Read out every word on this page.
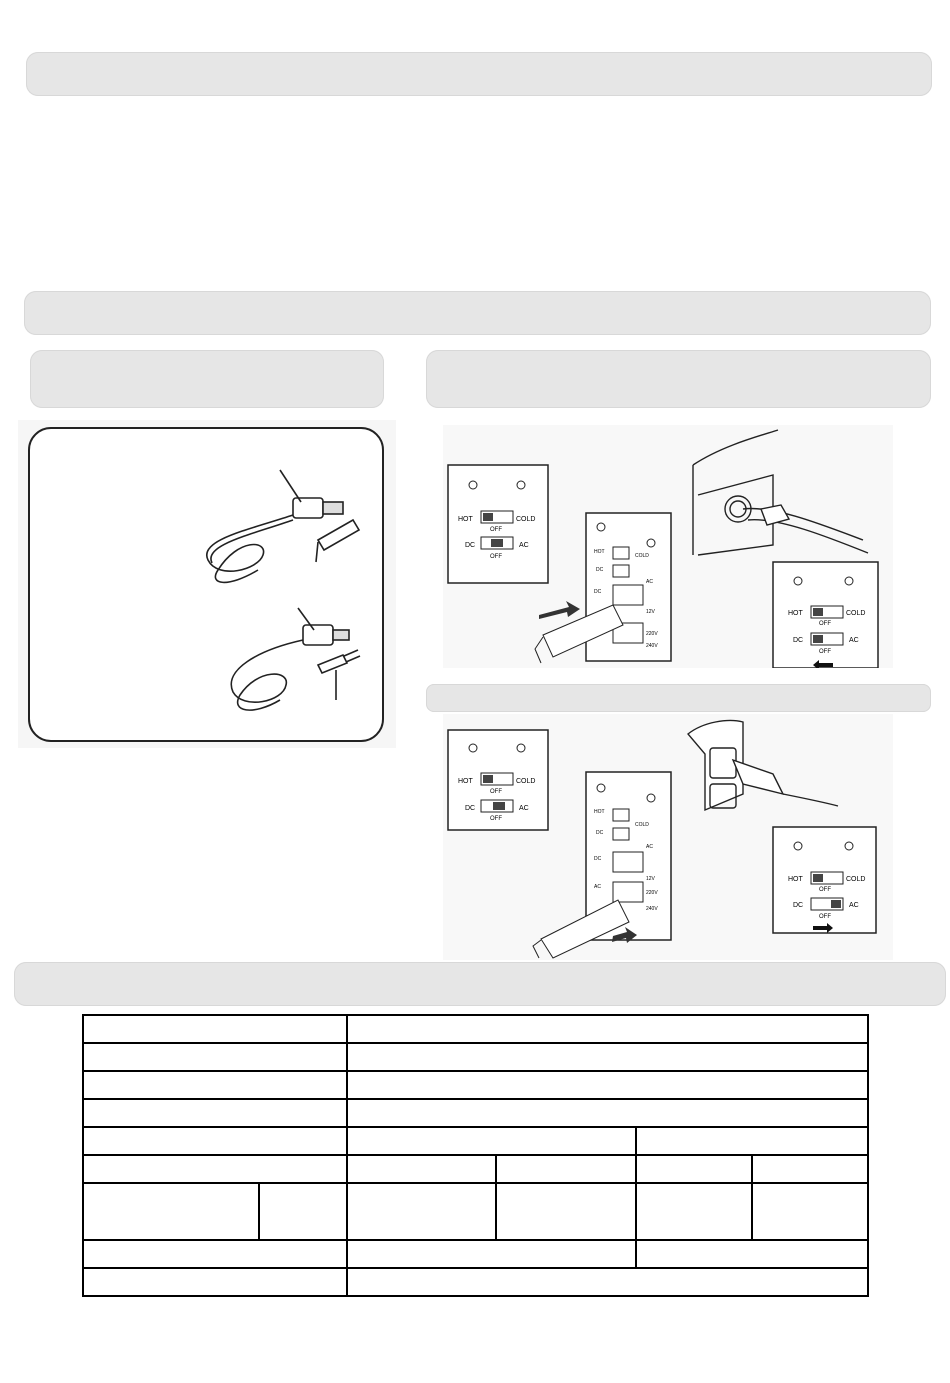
HOT	COLD
OFF
DC	AC
OFF
HOT
COLD
DC
AC
DC
12V
220V
240V
HOT	COLD
OFF
DC	AC
OFF
HOT	COLD
OFF
DC	AC
OFF
HOT
COLD
DC
AC
DC
12V
AC
220V
240V
HOT	COLD
OFF
DC	AC
OFF
